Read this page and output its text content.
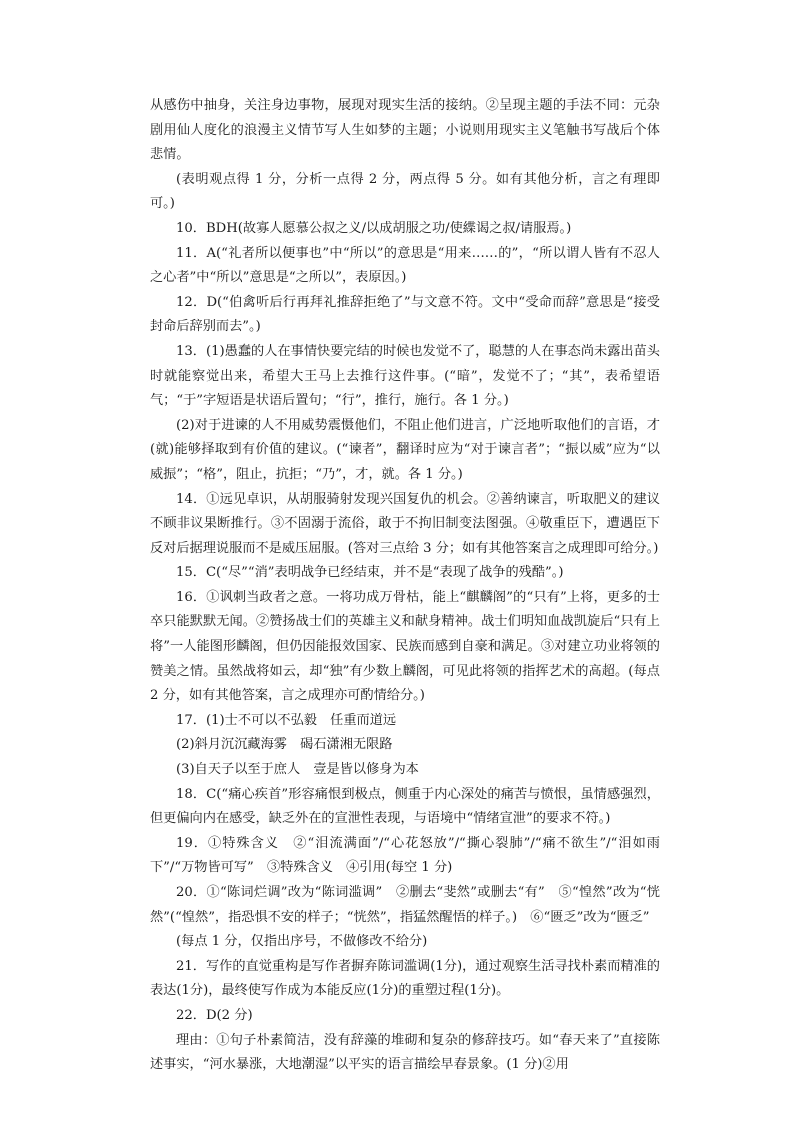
从感伤中抽身，关注身边事物，展现对现实生活的接纳。②呈现主题的手法不同：元杂剧用仙人度化的浪漫主义情节写人生如梦的主题；小说则用现实主义笔触书写战后个体悲情。

(表明观点得 1 分，分析一点得 2 分，两点得 5 分。如有其他分析，言之有理即可。)

10．BDH(故寡人愿慕公叔之义/以成胡服之功/使緤谒之叔/请服焉。)

11．A(“礼者所以便事也”中“所以”的意思是“用来……的”，“所以谓人皆有不忍人之心者”中“所以”意思是“之所以”，表原因。)

12．D(“伯禽听后行再拜礼推辞拒绝了”与文意不符。文中“受命而辞”意思是“接受封命后辞别而去”。)

13．(1)愚蠢的人在事情快要完结的时候也发觉不了，聪慧的人在事态尚未露出苗头时就能察觉出来，希望大王马上去推行这件事。(“暗”，发觉不了；“其”，表希望语气；“于”字短语是状语后置句；“行”，推行，施行。各 1 分。)

(2)对于进谏的人不用威势震慑他们，不阻止他们进言，广泛地听取他们的言语，才(就)能够择取到有价值的建议。(“谏者”，翻译时应为“对于谏言者”；“振以威”应为“以威振”；“格”，阻止，抗拒；“乃”，才，就。各 1 分。)

14．①远见卓识，从胡服骑射发现兴国复仇的机会。②善纳谏言，听取肥义的建议不顾非议果断推行。③不固溺于流俗，敢于不拘旧制变法图强。④敬重臣下，遭遇臣下反对后据理说服而不是威压屈服。(答对三点给 3 分；如有其他答案言之成理即可给分。)

15．C(“尽”“消”表明战争已经结束，并不是“表现了战争的残酷”。)

16．①讽刺当政者之意。一将功成万骨枯，能上“麒麟阁”的“只有”上将，更多的士卒只能默默无闻。②赞扬战士们的英雄主义和献身精神。战士们明知血战凯旋后“只有上将”一人能图形麟阁，但仍因能报效国家、民族而感到自豪和满足。③对建立功业将领的赞美之情。虽然战将如云，却“独”有少数上麟阁，可见此将领的指挥艺术的高超。(每点 2 分，如有其他答案，言之成理亦可酌情给分。)

17．(1)士不可以不弘毅　任重而道远

(2)斜月沉沉藏海雾　碣石潇湘无限路

(3)自天子以至于庶人　壹是皆以修身为本

18．C(“痛心疾首”形容痛恨到极点，侧重于内心深处的痛苦与愤恨，虽情感强烈，但更偏向内在感受，缺乏外在的宣泄性表现，与语境中“情绪宣泄”的要求不符。)

19．①特殊含义　②“泪流满面”/“心花怒放”/“撕心裂肺”/“痛不欲生”/“泪如雨下”/“万物皆可写”　③特殊含义　④引用(每空 1 分)

20．①“陈词烂调”改为“陈词滥调”　②删去“斐然”或删去“有”　⑤“惶然”改为“恍然”(“惶然”，指恐惧不安的样子；“恍然”，指猛然醒悟的样子。)　⑥“匮乏”改为“匮乏”

(每点 1 分，仅指出序号，不做修改不给分)

21．写作的直觉重构是写作者摒弃陈词滥调(1分)，通过观察生活寻找朴素而精准的表达(1分)，最终使写作成为本能反应(1分)的重塑过程(1分)。

22．D(2 分)

理由：①句子朴素简洁，没有辞藻的堆砌和复杂的修辞技巧。如“春天来了”直接陈述事实，“河水暴涨，大地潮湿”以平实的语言描绘早春景象。(1 分)②用
